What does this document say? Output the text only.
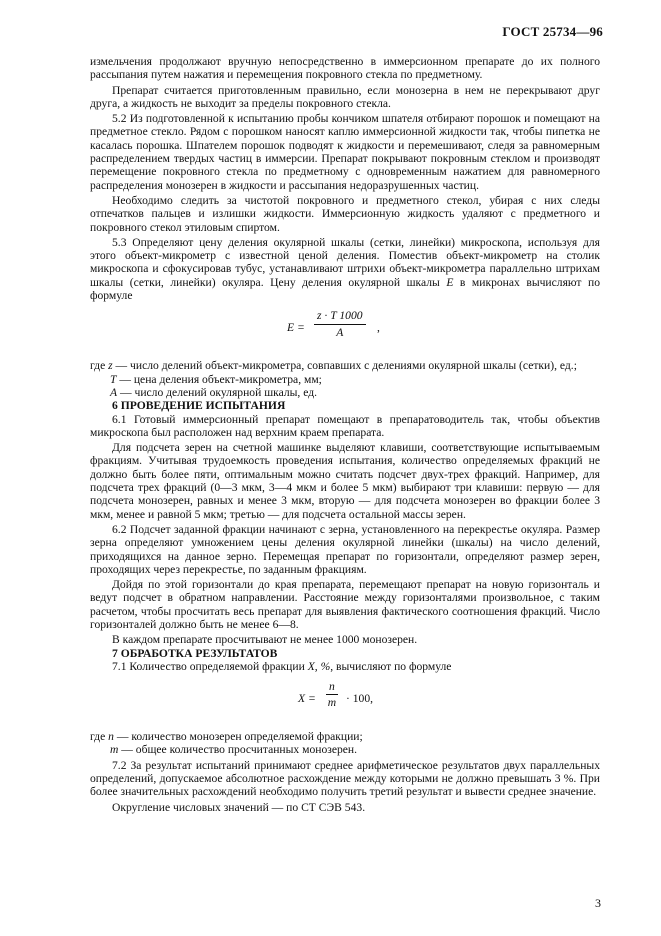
ГОСТ 25734—96

измельчения продолжают вручную непосредственно в иммерсионном препарате до их полного рассыпания путем нажатия и перемещения покровного стекла по предметному.

Препарат считается приготовленным правильно, если монозерна в нем не перекрывают друг друга, а жидкость не выходит за пределы покровного стекла.

5.2 Из подготовленной к испытанию пробы кончиком шпателя отбирают порошок и помещают на предметное стекло. Рядом с порошком наносят каплю иммерсионной жидкости так, чтобы пипетка не касалась порошка. Шпателем порошок подводят к жидкости и перемешивают, следя за равномерным распределением твердых частиц в иммерсии. Препарат покрывают покровным стеклом и производят перемещение покровного стекла по предметному с одновременным нажатием для равномерного распределения монозерен в жидкости и рассыпания недоразрушенных частиц.

Необходимо следить за чистотой покровного и предметного стекол, убирая с них следы отпечатков пальцев и излишки жидкости. Иммерсионную жидкость удаляют с предметного и покровного стекол этиловым спиртом.

5.3 Определяют цену деления окулярной шкалы (сетки, линейки) микроскопа, используя для этого объект-микрометр с известной ценой деления. Поместив объект-микрометр на столик микроскопа и сфокусировав тубус, устанавливают штрихи объект-микрометра параллельно штрихам шкалы (сетки, линейки) окуляра. Цену деления окулярной шкалы E в микронах вычисляют по формуле

$E = \frac{z \cdot T 1000}{A}$ ,

где z — число делений объект-микрометра, совпавших с делениями окулярной шкалы (сетки), ед.;

T — цена деления объект-микрометра, мм;

A — число делений окулярной шкалы, ед.

6 ПРОВЕДЕНИЕ ИСПЫТАНИЯ

6.1 Готовый иммерсионный препарат помещают в препаратоводитель так, чтобы объектив микроскопа был расположен над верхним краем препарата.

Для подсчета зерен на счетной машинке выделяют клавиши, соответствующие испытываемым фракциям. Учитывая трудоемкость проведения испытания, количество определяемых фракций не должно быть более пяти, оптимальным можно считать подсчет двух-трех фракций. Например, для подсчета трех фракций (0—3 мкм, 3—4 мкм и более 5 мкм) выбирают три клавиши: первую — для подсчета монозерен, равных и менее 3 мкм, вторую — для подсчета монозерен во фракции более 3 мкм, менее и равной 5 мкм; третью — для подсчета остальной массы зерен.

6.2 Подсчет заданной фракции начинают с зерна, установленного на перекрестье окуляра. Размер зерна определяют умножением цены деления окулярной линейки (шкалы) на число делений, приходящихся на данное зерно. Перемещая препарат по горизонтали, определяют размер зерен, проходящих через перекрестье, по заданным фракциям.

Дойдя по этой горизонтали до края препарата, перемещают препарат на новую горизонталь и ведут подсчет в обратном направлении. Расстояние между горизонталями произвольное, с таким расчетом, чтобы просчитать весь препарат для выявления фактического соотношения фракций. Число горизонталей должно быть не менее 6—8.

В каждом препарате просчитывают не менее 1000 монозерен.

7 ОБРАБОТКА РЕЗУЛЬТАТОВ

7.1 Количество определяемой фракции X, %, вычисляют по формуле

$X = \frac{n}{m} \cdot 100$,

где n — количество монозерен определяемой фракции;

m — общее количество просчитанных монозерен.

7.2 За результат испытаний принимают среднее арифметическое результатов двух параллельных определений, допускаемое абсолютное расхождение между которыми не должно превышать 3 %. При более значительных расхождений необходимо получить третий результат и вывести среднее значение.

Округление числовых значений — по СТ СЭВ 543.

3
